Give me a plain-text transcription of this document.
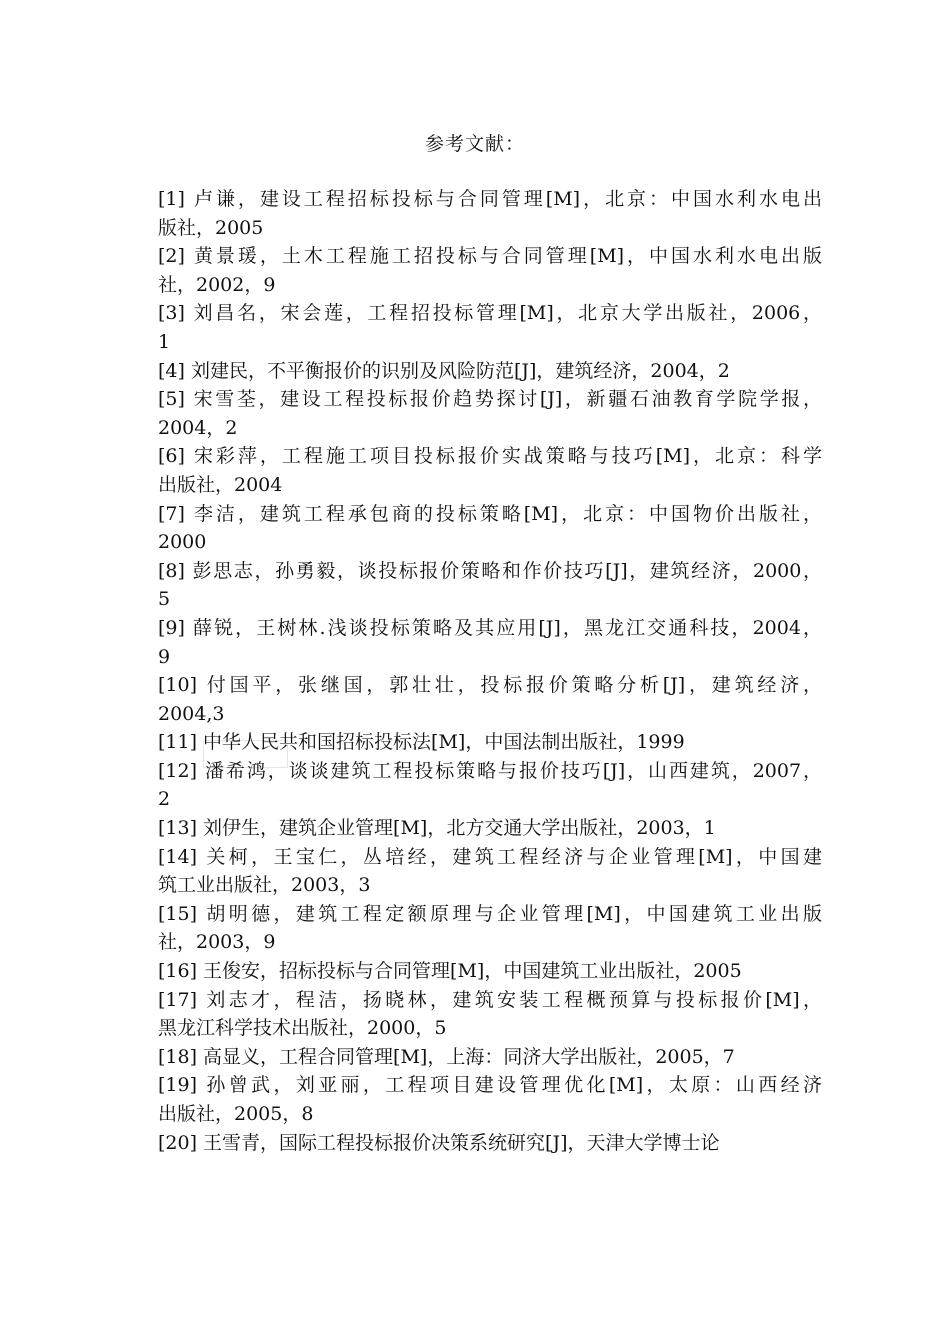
参考文献：
[1] 卢谦，建设工程招标投标与合同管理[M]，北京：中国水利水电出
版社，2005
[2] 黄景瑗，土木工程施工招投标与合同管理[M]，中国水利水电出版
社，2002，9
[3] 刘昌名，宋会莲，工程招投标管理[M]，北京大学出版社，2006，
1
[4] 刘建民，不平衡报价的识别及风险防范[J]，建筑经济，2004，2
[5] 宋雪荃，建设工程投标报价趋势探讨[J]，新疆石油教育学院学报，
2004，2
[6] 宋彩萍，工程施工项目投标报价实战策略与技巧[M]，北京：科学
出版社，2004
[7] 李洁，建筑工程承包商的投标策略[M]，北京：中国物价出版社，
2000
[8] 彭思志，孙勇毅，谈投标报价策略和作价技巧[J]，建筑经济，2000，
5
[9] 薛锐，王树林.浅谈投标策略及其应用[J]，黑龙江交通科技，2004，
9
[10] 付国平，张继国，郭壮壮，投标报价策略分析[J]，建筑经济，
2004,3
[11] 中华人民共和国招标投标法[M]，中国法制出版社，1999
[12] 潘希鸿，谈谈建筑工程投标策略与报价技巧[J]，山西建筑，2007，
2
[13] 刘伊生，建筑企业管理[M]，北方交通大学出版社，2003，1
[14] 关柯，王宝仁，丛培经，建筑工程经济与企业管理[M]，中国建
筑工业出版社，2003，3
[15] 胡明德，建筑工程定额原理与企业管理[M]，中国建筑工业出版
社，2003，9
[16] 王俊安，招标投标与合同管理[M]，中国建筑工业出版社，2005
[17] 刘志才，程洁，扬晓林，建筑安装工程概预算与投标报价[M]，
黑龙江科学技术出版社，2000，5
[18] 高显义，工程合同管理[M]，上海：同济大学出版社，2005，7
[19] 孙曾武，刘亚丽，工程项目建设管理优化[M]，太原：山西经济
出版社，2005，8
[20] 王雪青，国际工程投标报价决策系统研究[J]，天津大学博士论
